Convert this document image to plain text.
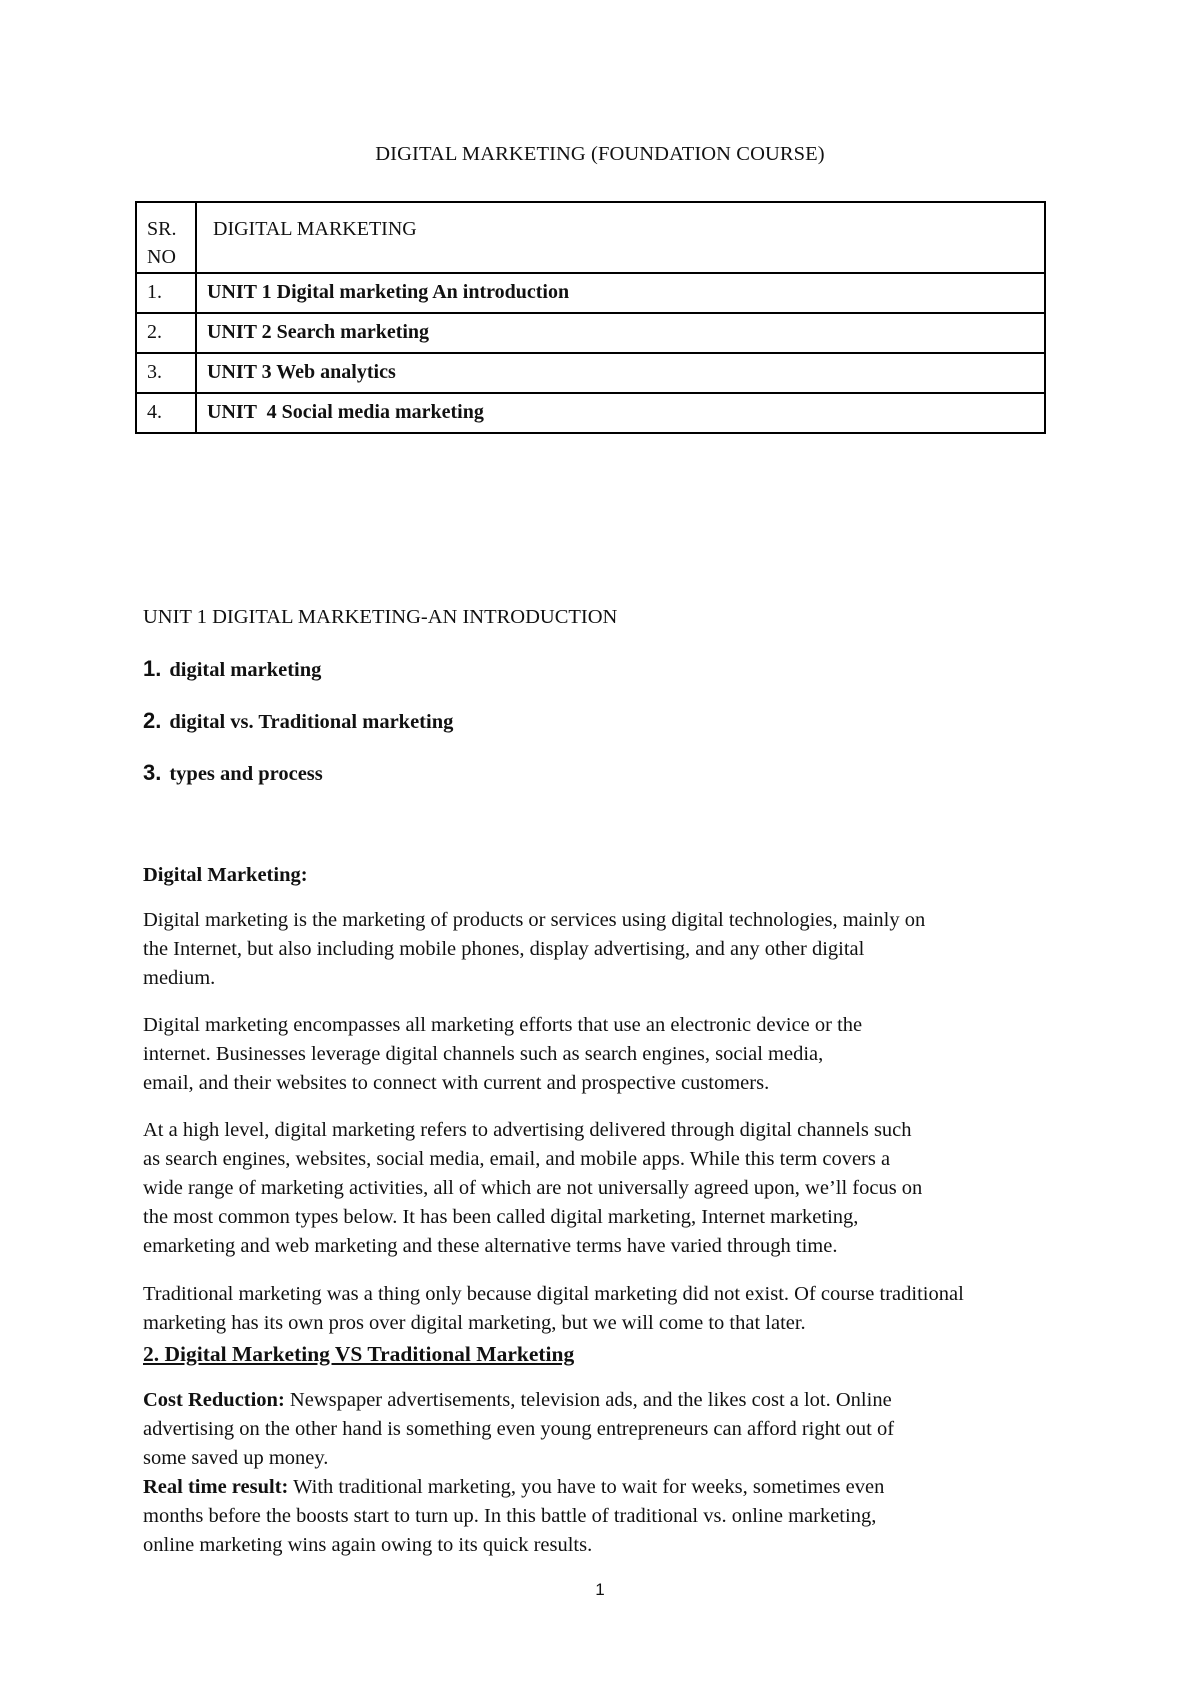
DIGITAL MARKETING (FOUNDATION COURSE)
SR.
NO	DIGITAL MARKETING
1.	UNIT 1 Digital marketing An introduction
2.	UNIT 2 Search marketing
3.	UNIT 3 Web analytics
4.	UNIT  4 Social media marketing
UNIT 1 DIGITAL MARKETING-AN INTRODUCTION
1. digital marketing
2. digital vs. Traditional marketing
3. types and process
Digital Marketing:
Digital marketing is the marketing of products or services using digital technologies, mainly on
the Internet, but also including mobile phones, display advertising, and any other digital
medium.
Digital marketing encompasses all marketing efforts that use an electronic device or the
internet. Businesses leverage digital channels such as search engines, social media,
email, and their websites to connect with current and prospective customers.
At a high level, digital marketing refers to advertising delivered through digital channels such
as search engines, websites, social media, email, and mobile apps. While this term covers a
wide range of marketing activities, all of which are not universally agreed upon, we’ll focus on
the most common types below. It has been called digital marketing, Internet marketing,
emarketing and web marketing and these alternative terms have varied through time.
Traditional marketing was a thing only because digital marketing did not exist. Of course traditional
marketing has its own pros over digital marketing, but we will come to that later.
2. Digital Marketing VS Traditional Marketing
Cost Reduction: Newspaper advertisements, television ads, and the likes cost a lot. Online
advertising on the other hand is something even young entrepreneurs can afford right out of
some saved up money.
Real time result: With traditional marketing, you have to wait for weeks, sometimes even
months before the boosts start to turn up. In this battle of traditional vs. online marketing,
online marketing wins again owing to its quick results.
1
